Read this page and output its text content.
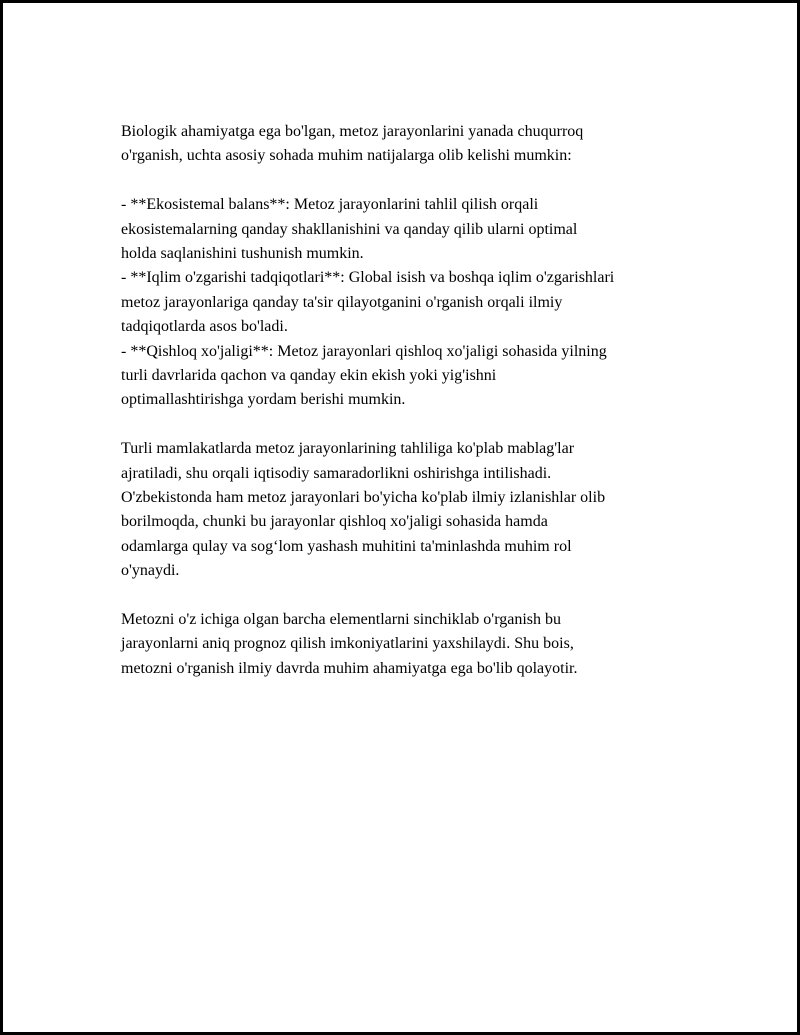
Biologik ahamiyatga ega bo'lgan, metoz jarayonlarini yanada chuqurroq
o'rganish, uchta asosiy sohada muhim natijalarga olib kelishi mumkin:

- **Ekosistemal balans**: Metoz jarayonlarini tahlil qilish orqali
ekosistemalarning qanday shakllanishini va qanday qilib ularni optimal
holda saqlanishini tushunish mumkin.
- **Iqlim o'zgarishi tadqiqotlari**: Global isish va boshqa iqlim o'zgarishlari
metoz jarayonlariga qanday ta'sir qilayotganini o'rganish orqali ilmiy
tadqiqotlarda asos bo'ladi.
- **Qishloq xo'jaligi**: Metoz jarayonlari qishloq xo'jaligi sohasida yilning
turli davrlarida qachon va qanday ekin ekish yoki yig'ishni
optimallashtirishga yordam berishi mumkin.

Turli mamlakatlarda metoz jarayonlarining tahliliga ko'plab mablag'lar
ajratiladi, shu orqali iqtisodiy samaradorlikni oshirishga intilishadi.
O'zbekistonda ham metoz jarayonlari bo'yicha ko'plab ilmiy izlanishlar olib
borilmoqda, chunki bu jarayonlar qishloq xo'jaligi sohasida hamda
odamlarga qulay va sog‘lom yashash muhitini ta'minlashda muhim rol
o'ynaydi.

Metozni o'z ichiga olgan barcha elementlarni sinchiklab o'rganish bu
jarayonlarni aniq prognoz qilish imkoniyatlarini yaxshilaydi. Shu bois,
metozni o'rganish ilmiy davrda muhim ahamiyatga ega bo'lib qolayotir.
